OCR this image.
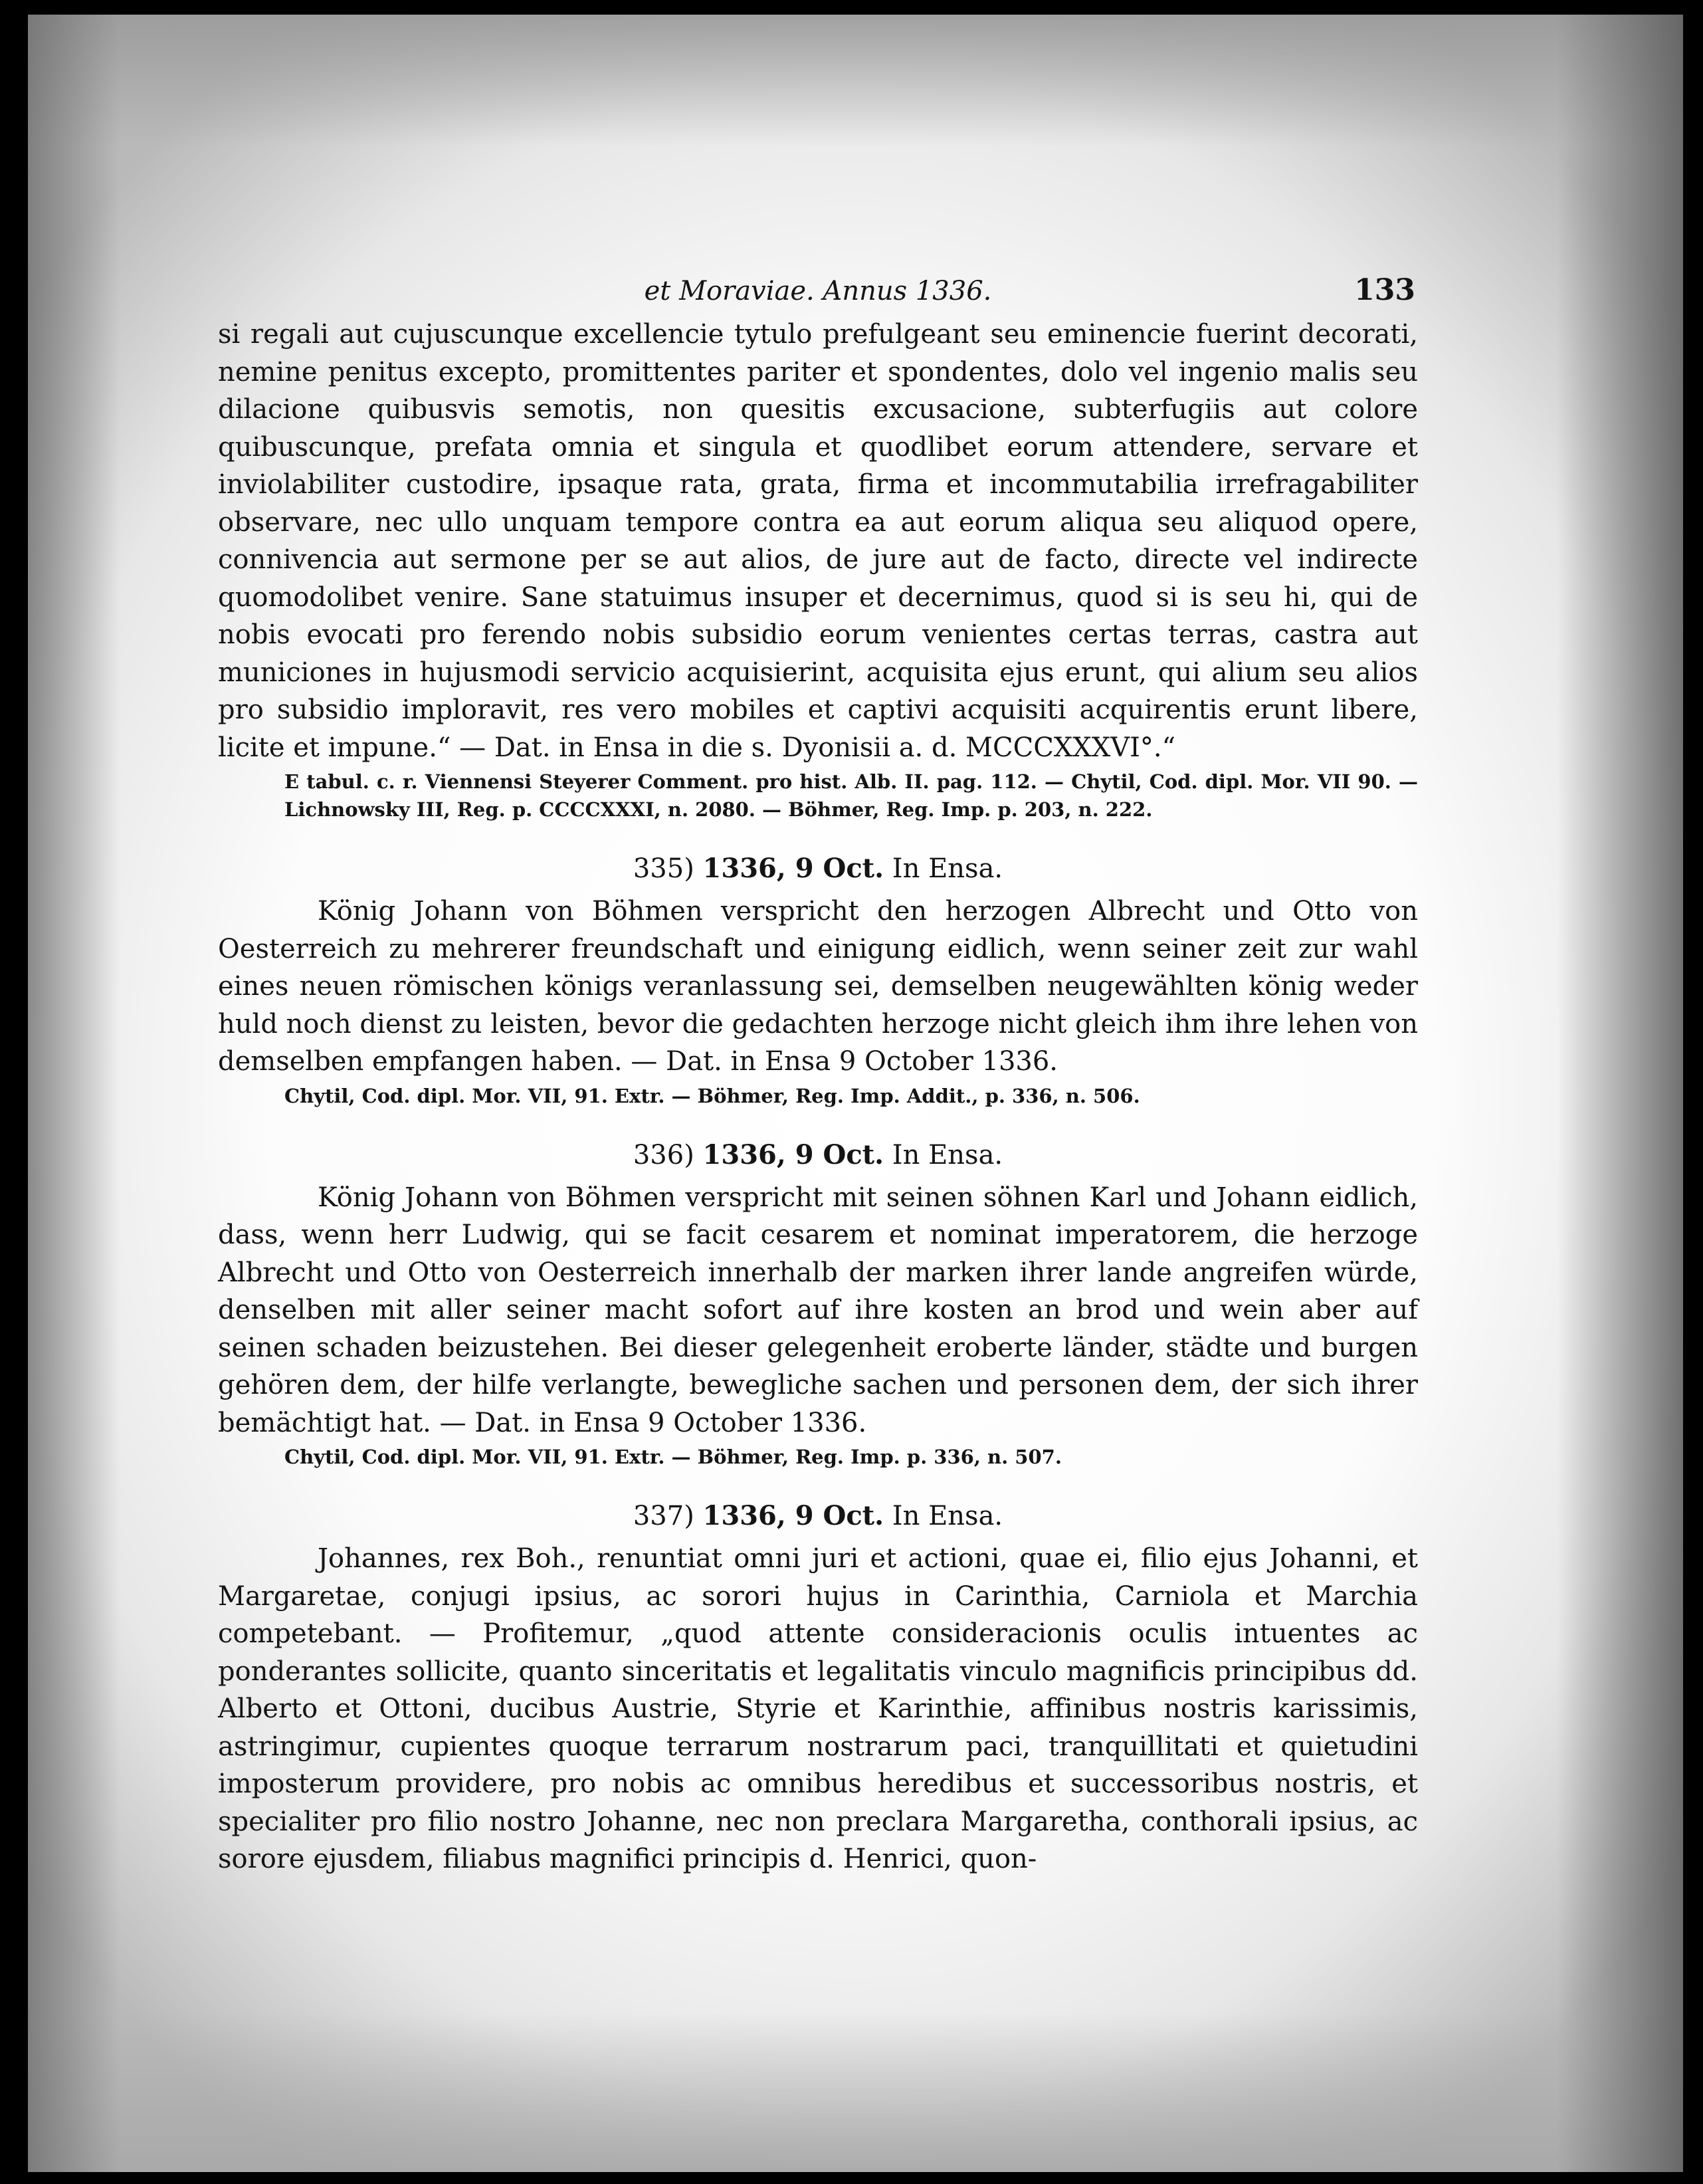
et Moraviae. Annus 1336.	133
si regali aut cujuscunque excellencie tytulo prefulgeant seu eminencie fuerint decorati, nemine penitus excepto, promittentes pariter et spondentes, dolo vel ingenio malis seu dilacione quibusvis semotis, non quesitis excusacione, subterfugiis aut colore quibuscunque, prefata omnia et singula et quodlibet eorum attendere, servare et inviolabiliter custodire, ipsaque rata, grata, firma et incommutabilia irrefragabiliter observare, nec ullo unquam tempore contra ea aut eorum aliqua seu aliquod opere, connivencia aut sermone per se aut alios, de jure aut de facto, directe vel indirecte quomodolibet venire. Sane statuimus insuper et decernimus, quod si is seu hi, qui de nobis evocati pro ferendo nobis subsidio eorum venientes certas terras, castra aut municiones in hujusmodi servicio acquisierint, acquisita ejus erunt, qui alium seu alios pro subsidio imploravit, res vero mobiles et captivi acquisiti acquirentis erunt libere, licite et impune.“ — Dat. in Ensa in die s. Dyonisii a. d. MCCCXXXVI°.“
E tabul. c. r. Viennensi Steyerer Comment. pro hist. Alb. II. pag. 112. — Chytil, Cod. dipl. Mor. VII 90. — Lichnowsky III, Reg. p. CCCCXXXI, n. 2080. — Böhmer, Reg. Imp. p. 203, n. 222.
335) 1336, 9 Oct. In Ensa.
König Johann von Böhmen verspricht den herzogen Albrecht und Otto von Oesterreich zu mehrerer freundschaft und einigung eidlich, wenn seiner zeit zur wahl eines neuen römischen königs veranlassung sei, demselben neugewählten könig weder huld noch dienst zu leisten, bevor die gedachten herzoge nicht gleich ihm ihre lehen von demselben empfangen haben. — Dat. in Ensa 9 October 1336.
Chytil, Cod. dipl. Mor. VII, 91. Extr. — Böhmer, Reg. Imp. Addit., p. 336, n. 506.
336) 1336, 9 Oct. In Ensa.
König Johann von Böhmen verspricht mit seinen söhnen Karl und Johann eidlich, dass, wenn herr Ludwig, qui se facit cesarem et nominat imperatorem, die herzoge Albrecht und Otto von Oesterreich innerhalb der marken ihrer lande angreifen würde, denselben mit aller seiner macht sofort auf ihre kosten an brod und wein aber auf seinen schaden beizustehen. Bei dieser gelegenheit eroberte länder, städte und burgen gehören dem, der hilfe verlangte, bewegliche sachen und personen dem, der sich ihrer bemächtigt hat. — Dat. in Ensa 9 October 1336.
Chytil, Cod. dipl. Mor. VII, 91. Extr. — Böhmer, Reg. Imp. p. 336, n. 507.
337) 1336, 9 Oct. In Ensa.
Johannes, rex Boh., renuntiat omni juri et actioni, quae ei, filio ejus Johanni, et Margaretae, conjugi ipsius, ac sorori hujus in Carinthia, Carniola et Marchia competebant. — Profitemur, „quod attente consideracionis oculis intuentes ac ponderantes sollicite, quanto sinceritatis et legalitatis vinculo magnificis principibus dd. Alberto et Ottoni, ducibus Austrie, Styrie et Karinthie, affinibus nostris karissimis, astringimur, cupientes quoque terrarum nostrarum paci, tranquillitati et quietudini imposterum providere, pro nobis ac omnibus heredibus et successoribus nostris, et specialiter pro filio nostro Johanne, nec non preclara Margaretha, conthorali ipsius, ac sorore ejusdem, filiabus magnifici principis d. Henrici, quon-
